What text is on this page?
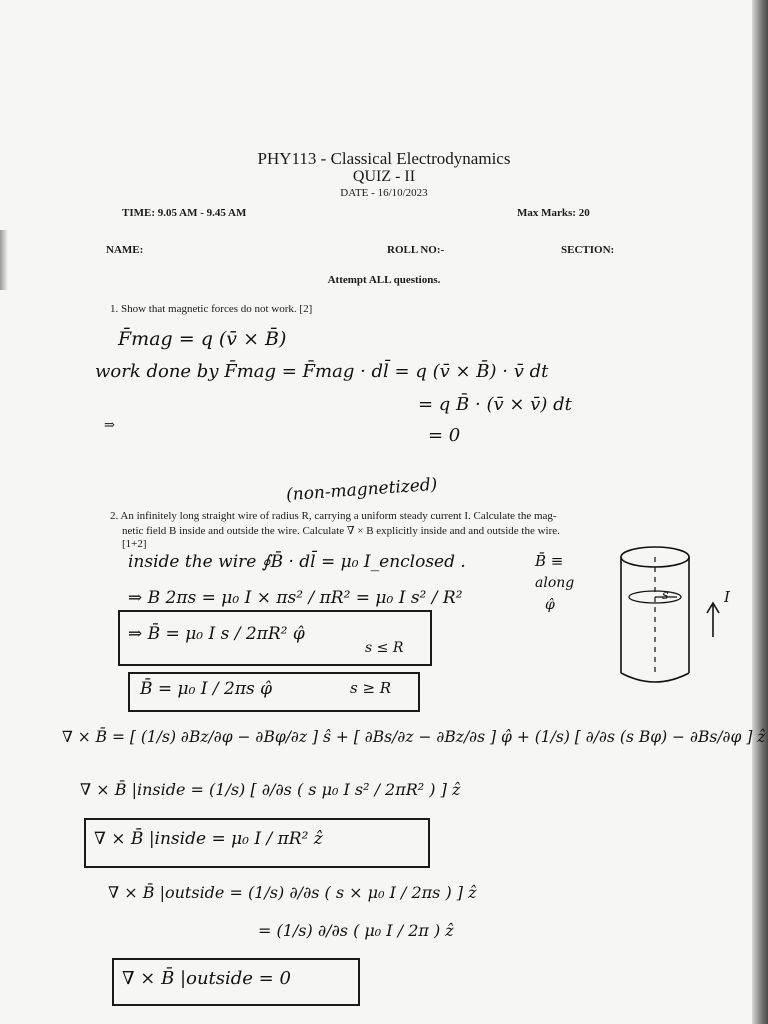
PHY113 - Classical Electrodynamics
QUIZ - II
DATE - 16/10/2023
TIME: 9.05 AM - 9.45 AM	Max Marks: 20
NAME:	ROLL NO:-	SECTION:
Attempt ALL questions.
1. Show that magnetic forces do not work. [2]
F̄mag = q (v̄ × B̄)
work done by F̄mag = F̄mag · dl̄ = q (v̄ × B̄) · v̄ dt
= q B̄ · (v̄ × v̄) dt
⇒	= 0
(non-magnetized)
2. An infinitely long straight wire of radius R, carrying a uniform steady current I. Calculate the mag-
netic field B inside and outside the wire. Calculate ∇ × B explicitly inside and and outside the wire.
[1+2]
inside the wire ∮B̄ · dl̄ = μ₀ I_enclosed .	B̄ ≡
along
φ̂
s	I
⇒ B 2πs = μ₀ I × πs² / πR² = μ₀ I s² / R²
⇒ B̄ = μ₀ I s / 2πR² φ̂
s ≤ R
B̄ = μ₀ I / 2πs φ̂	s ≥ R
∇ × B̄ = [ (1/s) ∂Bz/∂φ − ∂Bφ/∂z ] ŝ + [ ∂Bs/∂z − ∂Bz/∂s ] φ̂ + (1/s) [ ∂/∂s (s Bφ) − ∂Bs/∂φ ] ẑ
∇ × B̄ |inside = (1/s) [ ∂/∂s ( s μ₀ I s² / 2πR² ) ] ẑ
∇ × B̄ |inside = μ₀ I / πR² ẑ
∇ × B̄ |outside = (1/s) ∂/∂s ( s × μ₀ I / 2πs ) ] ẑ
= (1/s) ∂/∂s ( μ₀ I / 2π ) ẑ
∇ × B̄ |outside = 0
